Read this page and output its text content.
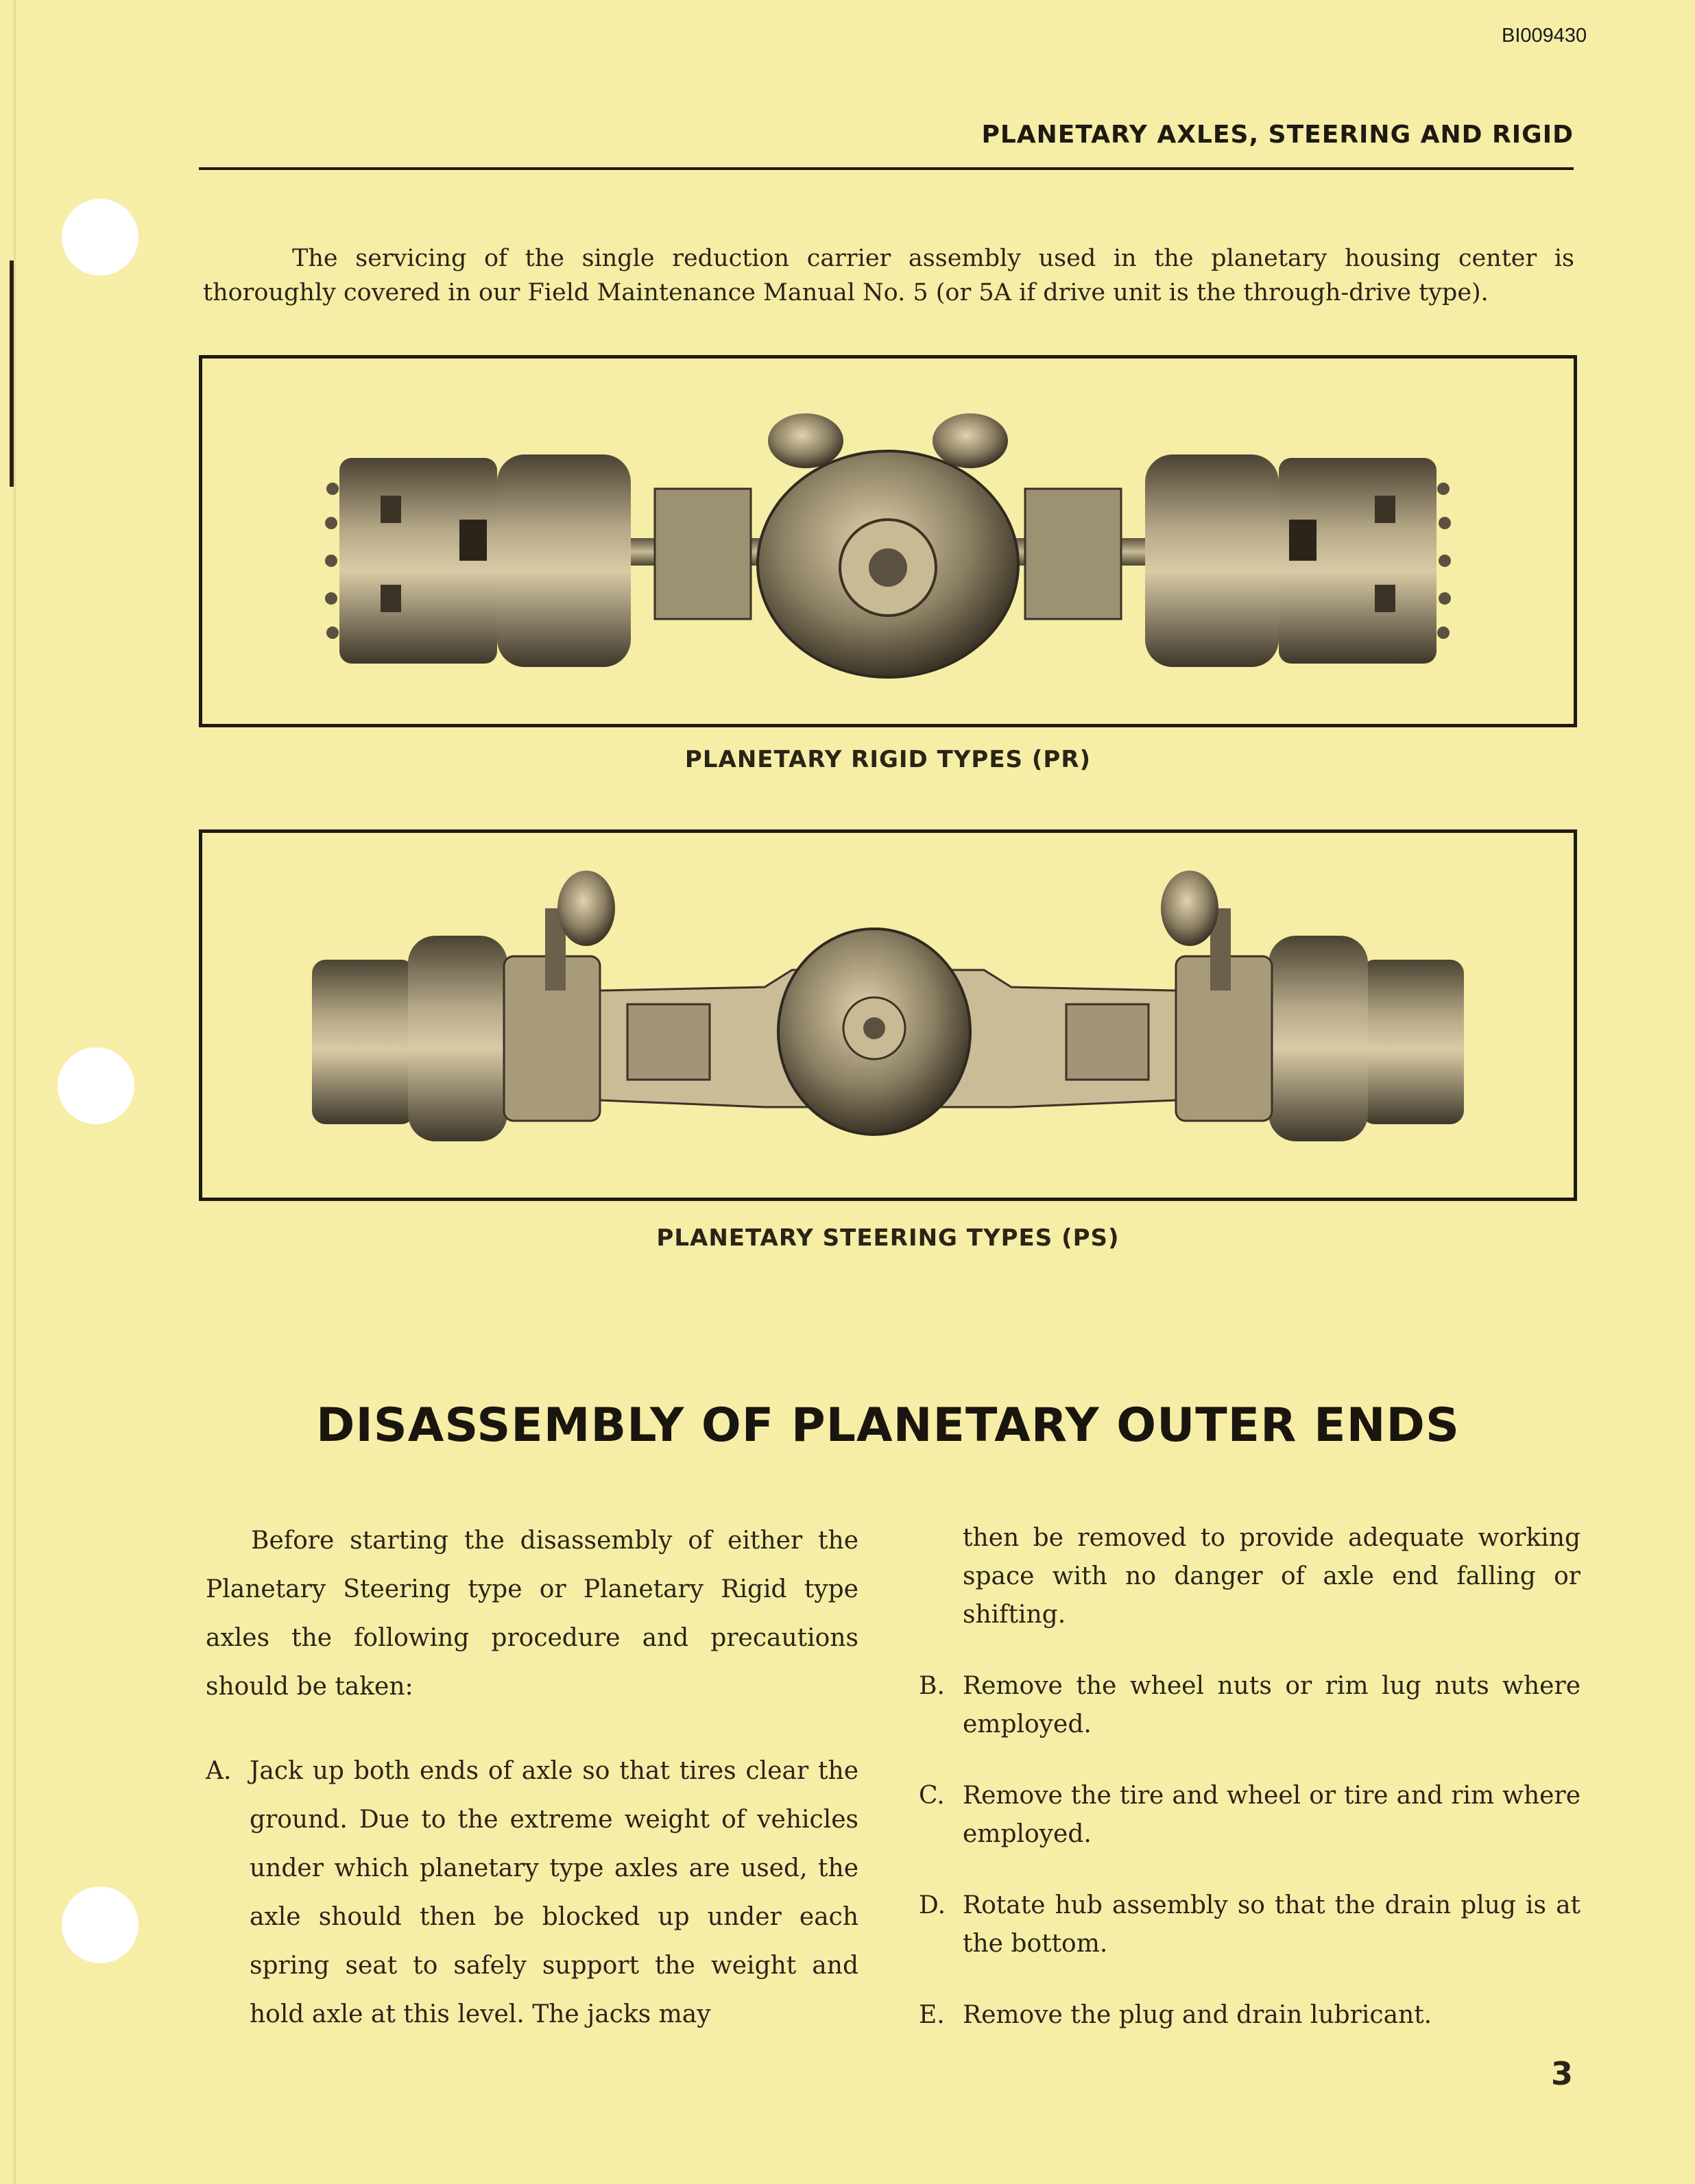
BI009430
PLANETARY AXLES, STEERING AND RIGID

The servicing of the single reduction carrier assembly used in the planetary housing center is thoroughly covered in our Field Maintenance Manual No. 5 (or 5A if drive unit is the through-drive type).

PLANETARY RIGID TYPES (PR)
PLANETARY STEERING TYPES (PS)
DISASSEMBLY OF PLANETARY OUTER ENDS

Before starting the disassembly of either the Planetary Steering type or Planetary Rigid type axles the following procedure and precautions should be taken:

A. Jack up both ends of axle so that tires clear the ground. Due to the extreme weight of vehicles under which planetary type axles are used, the axle should then be blocked up under each spring seat to safely support the weight and hold axle at this level. The jacks may

then be removed to provide adequate working space with no danger of axle end falling or shifting.

B. Remove the wheel nuts or rim lug nuts where employed.

C. Remove the tire and wheel or tire and rim where employed.

D. Rotate hub assembly so that the drain plug is at the bottom.

E. Remove the plug and drain lubricant.

3
